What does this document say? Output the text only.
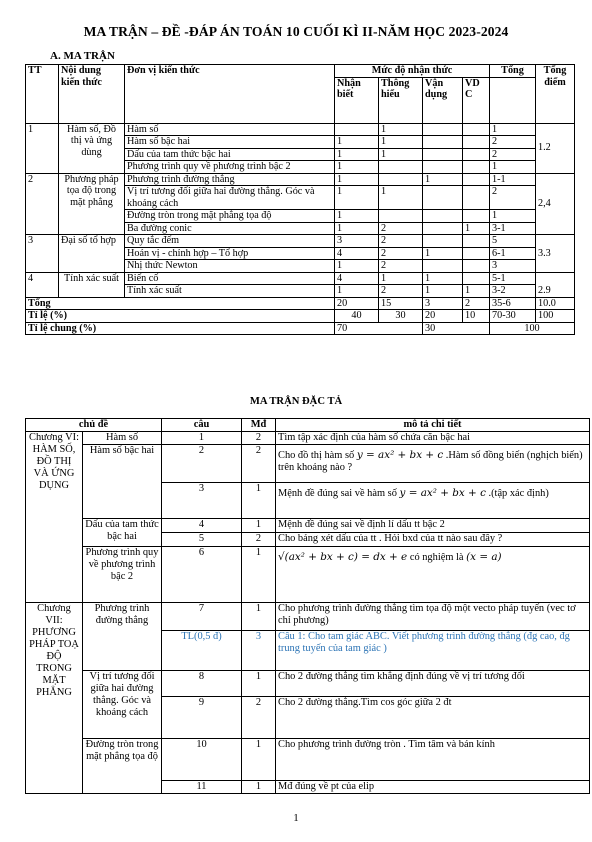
MA TRẬN – ĐỀ -ĐÁP ÁN TOÁN 10 CUỐI KÌ II-NĂM HỌC 2023-2024
A. MA TRẬN
TT	Nội dung kiến thức	Đơn vị kiến thức	Mức độ nhận thức				Tổng	Tổng điểm
			Nhận biết	Thông hiểu	Vận dụng	VD C		
1	Hàm số, Đồ thị và ứng dùng	Hàm số		1			1	1.2
		Hàm số bậc hai	1	1			2	
		Dấu của tam thức bậc hai	1	1			2	
		Phương trình quy về phương trình bậc 2	1				1	
2	Phương pháp tọa độ trong mặt phẳng	Phương trình đường thẳng	1		1		1-1	2,4
		Vị trí tương đối giữa hai đường thẳng. Góc và khoảng cách	1	1			2	
		Đường tròn trong mặt phẳng tọa độ	1				1	
		Ba đường conic	1	2		1	3-1	
3	Đại số tổ hợp	Quy tắc đếm	3	2			5	3.3
		Hoán vị - chỉnh hợp – Tổ hợp	4	2	1		6-1	
		Nhị thức Newton	1	2			3	
4	Tính xác suất	Biến cố	4	1	1		5-1	2.9
		Tính xác suất	1	2	1	1	3-2	
Tổng			20	15	3	2	35-6	10.0
Tỉ lệ (%)			40	30	20	10	70-30	100
Tỉ lệ chung (%)			70		30		100	
MA TRẬN ĐẶC TẢ
chủ đề		câu	Mđ	mô tả chi tiết
Chương VI: HÀM SỐ, ĐỒ THỊ VÀ ỨNG DỤNG	Hàm số	1	2	Tìm tập xác định của hàm số chứa căn bậc hai
	Hàm số bậc hai	2	2	Cho đồ thị hàm số y = ax² + bx + c .Hàm số đồng biến (nghịch biến) trên khoảng nào ?
		3	1	Mệnh đề đúng sai về hàm số y = ax² + bx + c .(tập xác định)
	Dấu của tam thức bậc hai	4	1	Mệnh đề đúng sai về định lí dấu tt bậc 2
		5	2	Cho bảng xét dấu của tt . Hỏi bxd của tt nào sau đây ?
	Phương trình quy về phương trình bậc 2	6	1	√(ax² + bx + c) = dx + e có nghiệm là (x = a)
Chương VII: PHƯƠNG PHÁP TOẠ ĐỘ TRONG MẶT PHẲNG	Phương trình đường thẳng	7	1	Cho phương trình đường thẳng tìm tọa độ một vecto pháp tuyến (vec tơ chỉ phương)
		TL(0,5 đ)	3	Câu 1: Cho tam giác ABC. Viết phương trình đường thẳng (đg cao, đg trung tuyến của tam giác )
	Vị trí tương đối giữa hai đường thẳng. Góc và khoảng cách	8	1	Cho 2 đường thẳng tìm khẳng định đúng về vị trí tương đối
		9	2	Cho 2 đường thẳng.Tìm cos góc giữa 2 đt
	Đường tròn trong mặt phẳng tọa độ	10	1	Cho phương trình đường tròn . Tìm tâm và bán kính
		11	1	Mđ đúng về pt của elip
1
